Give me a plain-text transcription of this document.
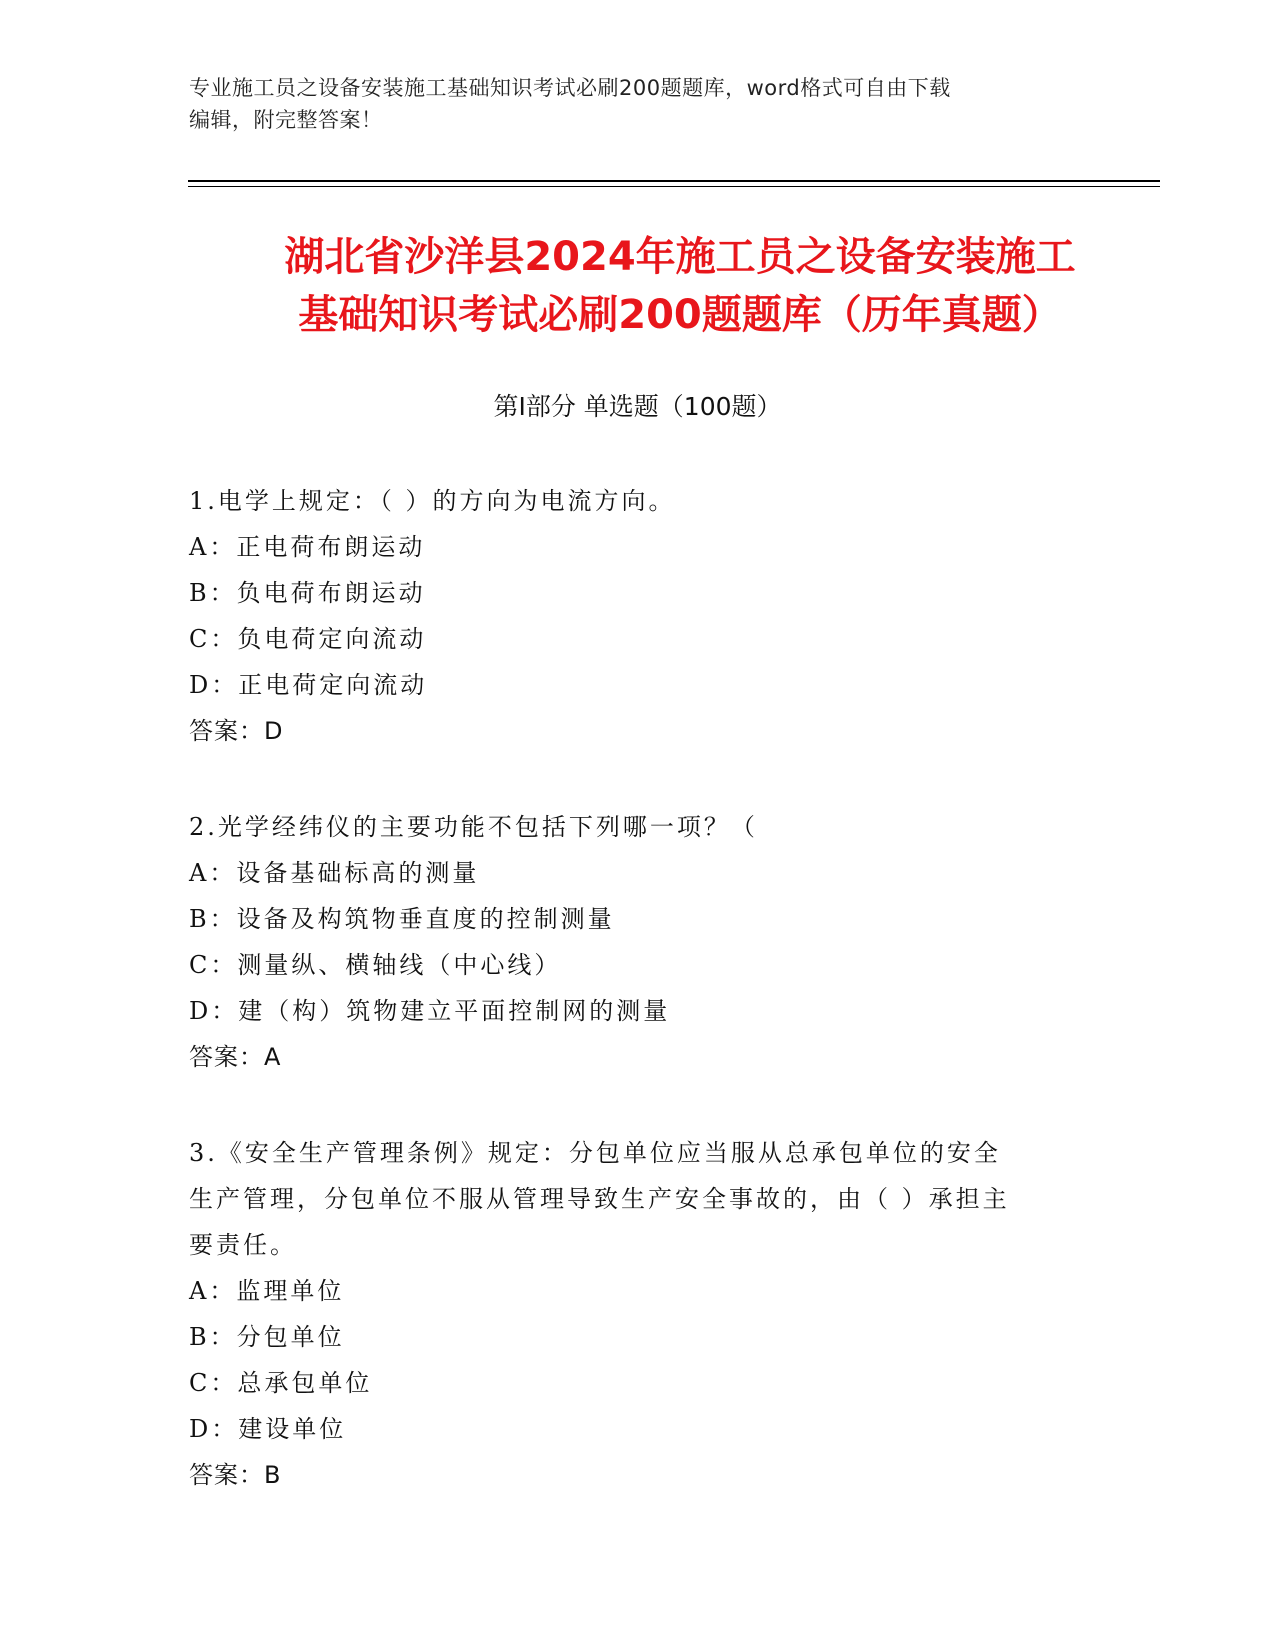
专业施工员之设备安装施工基础知识考试必刷200题题库，word格式可自由下载
编辑，附完整答案！
湖北省沙洋县2024年施工员之设备安装施工
基础知识考试必刷200题题库（历年真题）
第Ⅰ部分 单选题（100题）
1.电学上规定：（ ）的方向为电流方向。
A：正电荷布朗运动
B：负电荷布朗运动
C：负电荷定向流动
D：正电荷定向流动
答案：D
2.光学经纬仪的主要功能不包括下列哪一项？（
A：设备基础标高的测量
B：设备及构筑物垂直度的控制测量
C：测量纵、横轴线（中心线）
D：建（构）筑物建立平面控制网的测量
答案：A
3.《安全生产管理条例》规定：分包单位应当服从总承包单位的安全
生产管理，分包单位不服从管理导致生产安全事故的，由（ ）承担主
要责任。
A：监理单位
B：分包单位
C：总承包单位
D：建设单位
答案：B
